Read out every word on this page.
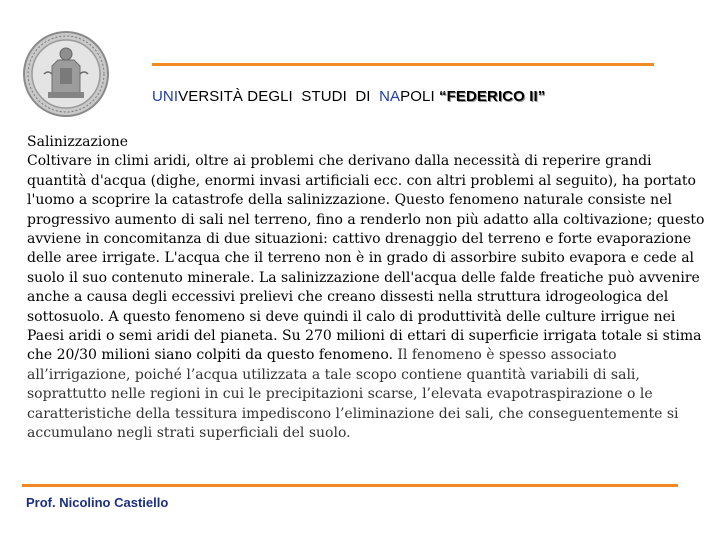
UNIVERSITÀ DEGLI  STUDI  DI  NAPOLI “FEDERICO II”
Salinizzazione
Coltivare in climi aridi, oltre ai problemi che derivano dalla necessità di reperire grandi quantità d'acqua (dighe, enormi invasi artificiali ecc. con altri problemi al seguito), ha portato l'uomo a scoprire la catastrofe della salinizzazione. Questo fenomeno naturale consiste nel progressivo aumento di sali nel terreno, fino a renderlo non più adatto alla coltivazione; questo avviene in concomitanza di due situazioni: cattivo drenaggio del terreno e forte evaporazione delle aree irrigate. L'acqua che il terreno non è in grado di assorbire subito evapora e cede al suolo il suo contenuto minerale. La salinizzazione dell'acqua delle falde freatiche può avvenire anche a causa degli eccessivi prelievi che creano dissesti nella struttura idrogeologica del sottosuolo. A questo fenomeno si deve quindi il calo di produttività delle culture irrigue nei Paesi aridi o semi aridi del pianeta. Su 270 milioni di ettari di superficie irrigata totale si stima che 20/30 milioni siano colpiti da questo fenomeno. Il fenomeno è spesso associato all’irrigazione, poiché l’acqua utilizzata a tale scopo contiene quantità variabili di sali, soprattutto nelle regioni in cui le precipitazioni scarse, l’elevata evapotraspirazione o le caratteristiche della tessitura impediscono l’eliminazione dei sali, che conseguentemente si accumulano negli strati superficiali del suolo.
Prof. Nicolino Castiello
